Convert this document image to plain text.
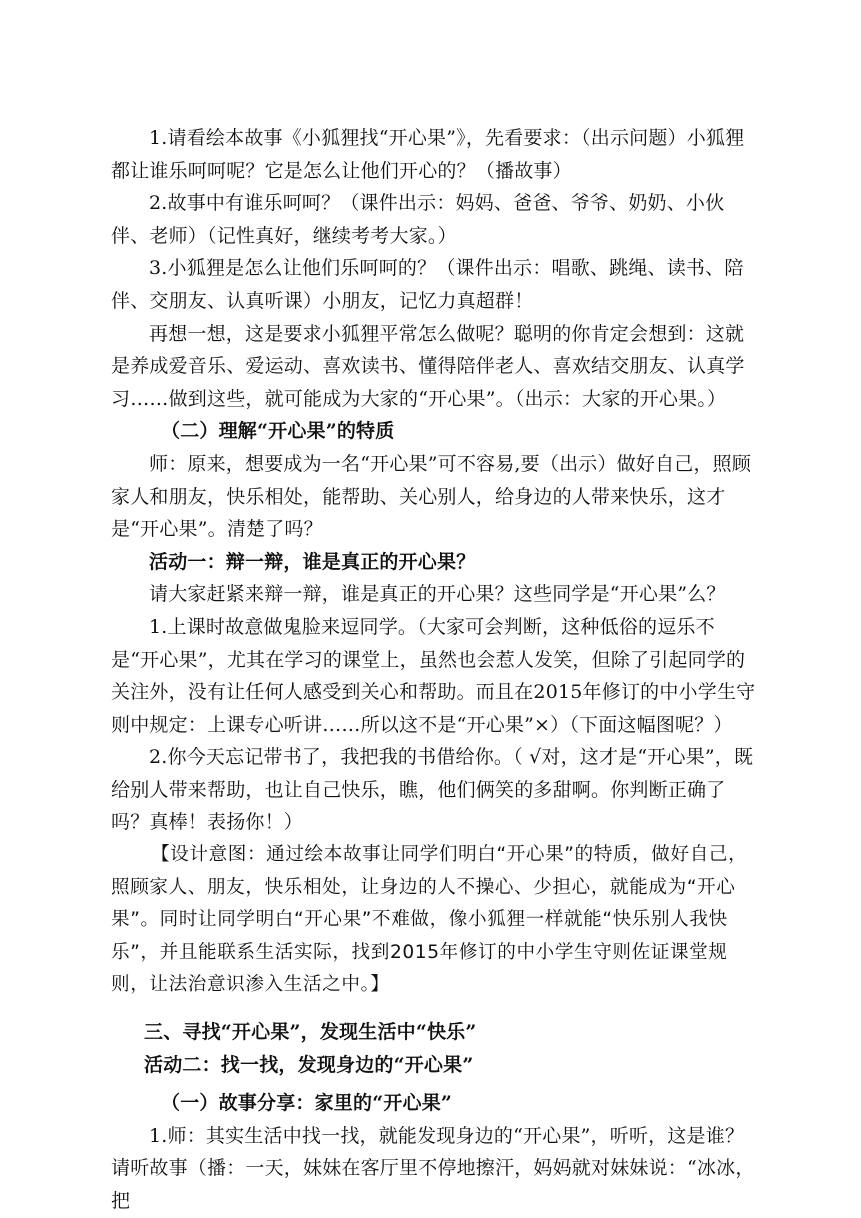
1.请看绘本故事《小狐狸找“开心果”》，先看要求：（出示问题）小狐狸都让谁乐呵呵呢？它是怎么让他们开心的？（播故事）

2.故事中有谁乐呵呵？（课件出示：妈妈、爸爸、爷爷、奶奶、小伙伴、老师）（记性真好，继续考考大家。）

3.小狐狸是怎么让他们乐呵呵的？（课件出示：唱歌、跳绳、读书、陪伴、交朋友、认真听课）小朋友，记忆力真超群！

再想一想，这是要求小狐狸平常怎么做呢？聪明的你肯定会想到：这就是养成爱音乐、爱运动、喜欢读书、懂得陪伴老人、喜欢结交朋友、认真学习……做到这些，就可能成为大家的“开心果”。（出示：大家的开心果。）

（二）理解“开心果”的特质

师：原来，想要成为一名“开心果”可不容易,要（出示）做好自己，照顾家人和朋友，快乐相处，能帮助、关心别人，给身边的人带来快乐，这才是“开心果”。清楚了吗？

活动一：辩一辩，谁是真正的开心果？

请大家赶紧来辩一辩，谁是真正的开心果？这些同学是“开心果”么？

1.上课时故意做鬼脸来逗同学。（大家可会判断，这种低俗的逗乐不是“开心果”，尤其在学习的课堂上，虽然也会惹人发笑，但除了引起同学的关注外，没有让任何人感受到关心和帮助。而且在2015年修订的中小学生守则中规定：上课专心听讲……所以这不是“开心果”×）（下面这幅图呢？）

2.你今天忘记带书了，我把我的书借给你。（ √对，这才是“开心果”，既给别人带来帮助，也让自己快乐，瞧，他们俩笑的多甜啊。你判断正确了吗？真棒！表扬你！）

【设计意图：通过绘本故事让同学们明白“开心果”的特质，做好自己，照顾家人、朋友，快乐相处，让身边的人不操心、少担心，就能成为“开心果”。同时让同学明白“开心果”不难做，像小狐狸一样就能“快乐别人我快乐”，并且能联系生活实际，找到2015年修订的中小学生守则佐证课堂规则，让法治意识渗入生活之中。】

三、寻找“开心果”，发现生活中“快乐”

活动二：找一找，发现身边的“开心果”

（一）故事分享：家里的“开心果”

1.师：其实生活中找一找，就能发现身边的“开心果”，听听，这是谁？请听故事（播：一天，妹妹在客厅里不停地擦汗，妈妈就对妹妹说：“冰冰，把
